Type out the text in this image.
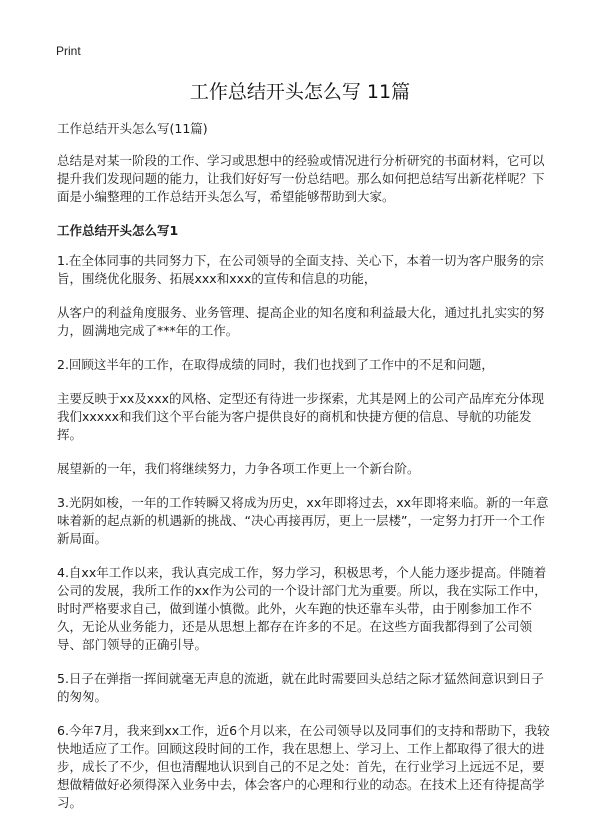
Print
工作总结开头怎么写 11篇
工作总结开头怎么写(11篇)

总结是对某一阶段的工作、学习或思想中的经验或情况进行分析研究的书面材料，它可以提升我们发现问题的能力，让我们好好写一份总结吧。那么如何把总结写出新花样呢？下面是小编整理的工作总结开头怎么写，希望能够帮助到大家。

工作总结开头怎么写1

1.在全体同事的共同努力下，在公司领导的全面支持、关心下，本着一切为客户服务的宗旨，围绕优化服务、拓展xxx和xxx的宣传和信息的功能，

从客户的利益角度服务、业务管理、提高企业的知名度和利益最大化，通过扎扎实实的努力，圆满地完成了***年的工作。

2.回顾这半年的工作，在取得成绩的同时，我们也找到了工作中的不足和问题，

主要反映于xx及xxx的风格、定型还有待进一步探索，尤其是网上的公司产品库充分体现我们xxxxx和我们这个平台能为客户提供良好的商机和快捷方便的信息、导航的功能发挥。

展望新的一年，我们将继续努力，力争各项工作更上一个新台阶。

3.光阴如梭，一年的工作转瞬又将成为历史，xx年即将过去，xx年即将来临。新的一年意味着新的起点新的机遇新的挑战、“决心再接再厉，更上一层楼”，一定努力打开一个工作新局面。

4.自xx年工作以来，我认真完成工作，努力学习，积极思考，个人能力逐步提高。伴随着公司的发展，我所工作的xx作为公司的一个设计部门尤为重要。所以，我在实际工作中，时时严格要求自己，做到谨小慎微。此外，火车跑的快还靠车头带，由于刚参加工作不久，无论从业务能力，还是从思想上都存在许多的不足。在这些方面我都得到了公司领导、部门领导的正确引导。

5.日子在弹指一挥间就毫无声息的流逝，就在此时需要回头总结之际才猛然间意识到日子的匆匆。

6.今年7月，我来到xx工作，近6个月以来，在公司领导以及同事们的支持和帮助下，我较快地适应了工作。回顾这段时间的工作，我在思想上、学习上、工作上都取得了很大的进步，成长了不少，但也清醒地认识到自己的不足之处：首先，在行业学习上远远不足，要想做精做好必须得深入业务中去，体会客户的心理和行业的动态。在技术上还有待提高学习。
